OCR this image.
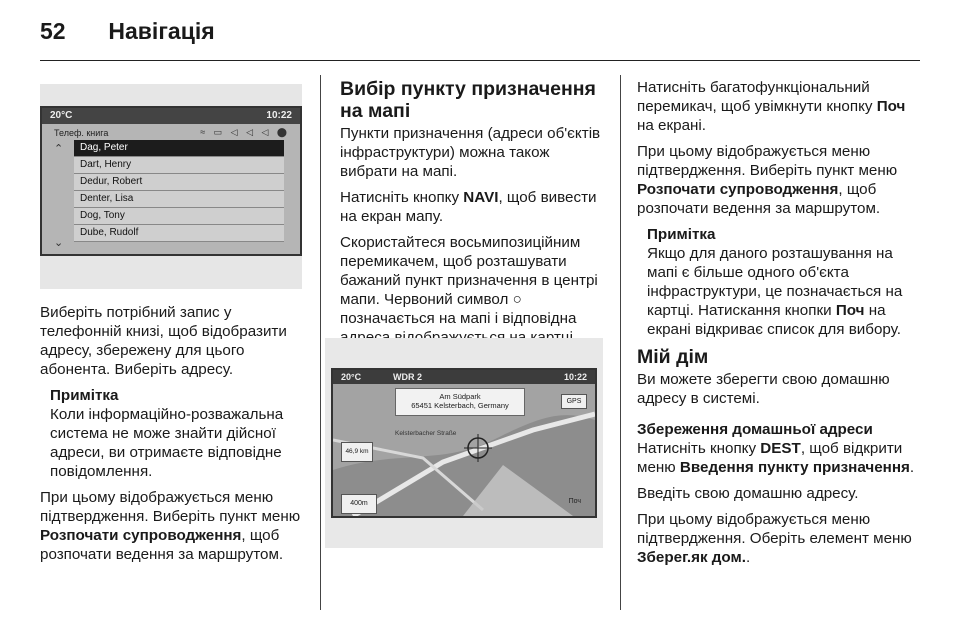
52 Навігація
20°C	10:22
Телеф. книга	≈ ▭ ◁ ◁ ◁ ⬤
⌃
⌄
Dag, Peter
Dart, Henry
Dedur, Robert
Denter, Lisa
Dog, Tony
Dube, Rudolf

Виберіть потрібний запис у телефонній книзі, щоб відобразити адресу, збережену для цього абонента. Виберіть адресу.

Примітка
Коли інформаційно-розважальна система не може знайти дійсної адреси, ви отримаєте відповідне повідомлення.

При цьому відображується меню підтвердження. Виберіть пункт меню Розпочати супроводження, щоб розпочати ведення за маршрутом.

Вибір пункту призначення на мапі

Пункти призначення (адреси об'єктів інфраструктури) можна також вибрати на мапі.

Натисніть кнопку NAVI, щоб вивести на екран мапу.

Скористайтеся восьмипозиційним перемикачем, щоб розташувати бажаний пункт призначення в центрі мапи. Червоний символ ○ позначається на мапі і відповідна

20°C	WDR 2	10:22
Am Südpark
65451 Kelsterbach, Germany	GPS
Kelsterbacher Straße
46,9 km
400m	Поч

Натисніть багатофункціональний перемикач, щоб увімкнути кнопку Поч на екрані.

При цьому відображується меню підтвердження. Виберіть пункт меню Розпочати супроводження, щоб розпочати ведення за маршрутом.

Примітка
Якщо для даного розташування на мапі є більше одного об'єкта інфраструктури, це позначається на картці. Натискання кнопки Поч на екрані відкриває список для вибору.
Мій дім

Ви можете зберегти свою домашню адресу в системі.

Збереження домашньої адреси

Натисніть кнопку DEST, щоб відкрити меню Введення пункту призначення.

Введіть свою домашню адресу.

При цьому відображується меню підтвердження. Оберіть елемент меню Зберег.як дом..
